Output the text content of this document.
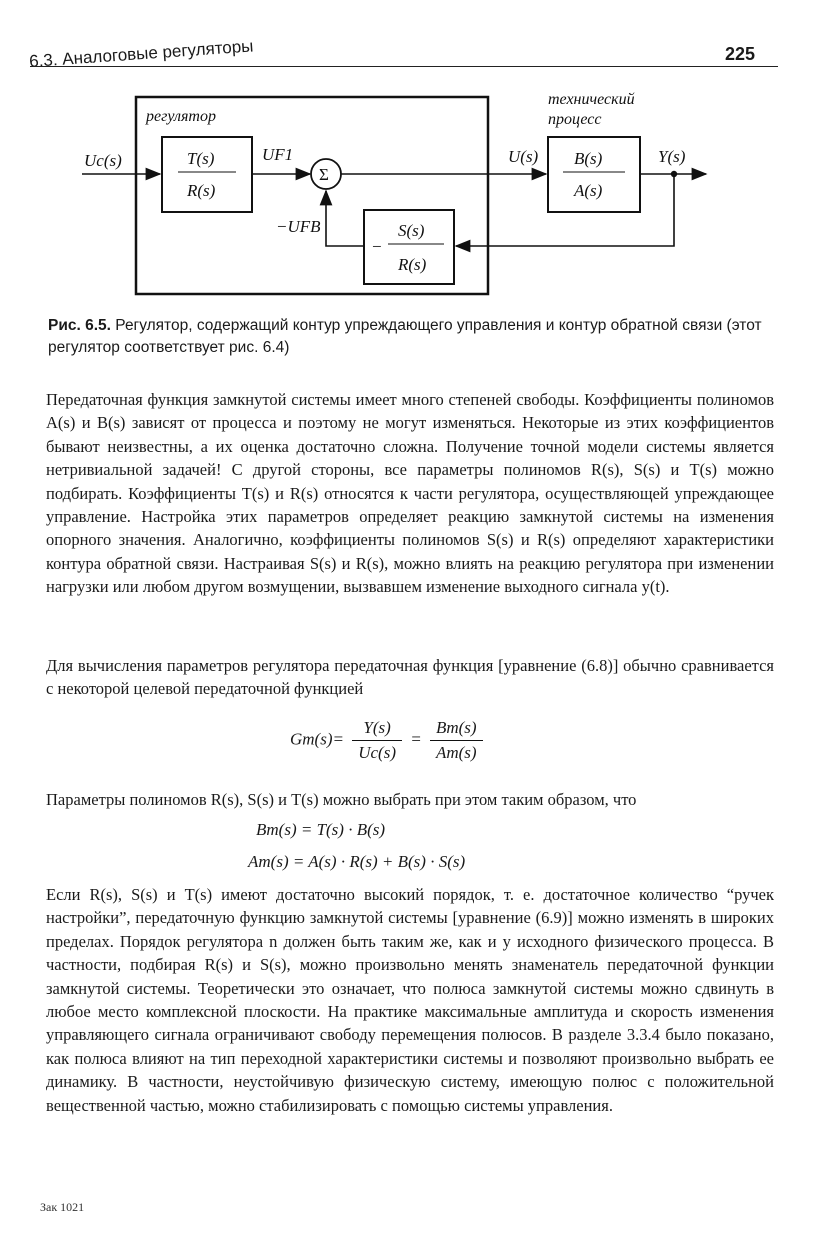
6.3. Аналоговые регуляторы	225
регулятор
технический
процесс
Uc(s)	T(s)
R(s)
UF1
Σ
U(s) B(s)
A(s)
Y(s)
−
S(s)
R(s)
−UFB
Рис. 6.5. Регулятор, содержащий контур упреждающего управления и контур обратной связи (этот регулятор соответствует рис. 6.4)
Передаточная функция замкнутой системы имеет много степеней свободы. Коэффициенты полиномов A(s) и B(s) зависят от процесса и поэтому не могут изменяться. Некоторые из этих коэффициентов бывают неизвестны, а их оценка достаточно сложна. Получение точной модели системы является нетривиальной задачей! С другой стороны, все параметры полиномов R(s), S(s) и T(s) можно подбирать. Коэффициенты T(s) и R(s) относятся к части регулятора, осуществляющей упреждающее управление. Настройка этих параметров определяет реакцию замкнутой системы на изменения опорного значения. Аналогично, коэффициенты полиномов S(s) и R(s) определяют характеристики контура обратной связи. Настраивая S(s) и R(s), можно влиять на реакцию регулятора при изменении нагрузки или любом другом возмущении, вызвавшем изменение выходного сигнала y(t).
Для вычисления параметров регулятора передаточная функция [уравнение (6.8)] обычно сравнивается с некоторой целевой передаточной функцией
$Gm(s)= \frac{Y(s)}{Uc(s)} = \frac{Bm(s)}{Am(s)}$
Параметры полиномов R(s), S(s) и T(s) можно выбрать при этом таким образом, что
Bm(s) = T(s) · B(s)
Am(s) = A(s) · R(s) + B(s) · S(s)
Если R(s), S(s) и T(s) имеют достаточно высокий порядок, т. е. достаточное количество “ручек настройки”, передаточную функцию замкнутой системы [уравнение (6.9)] можно изменять в широких пределах. Порядок регулятора n должен быть таким же, как и у исходного физического процесса. В частности, подбирая R(s) и S(s), можно произвольно менять знаменатель передаточной функции замкнутой системы. Теоретически это означает, что полюса замкнутой системы можно сдвинуть в любое место комплексной плоскости. На практике максимальные амплитуда и скорость изменения управляющего сигнала ограничивают свободу перемещения полюсов. В разделе 3.3.4 было показано, как полюса влияют на тип переходной характеристики системы и позволяют произвольно выбрать ее динамику. В частности, неустойчивую физическую систему, имеющую полюс с положительной вещественной частью, можно стабилизировать с помощью системы управления.
Зак 1021
